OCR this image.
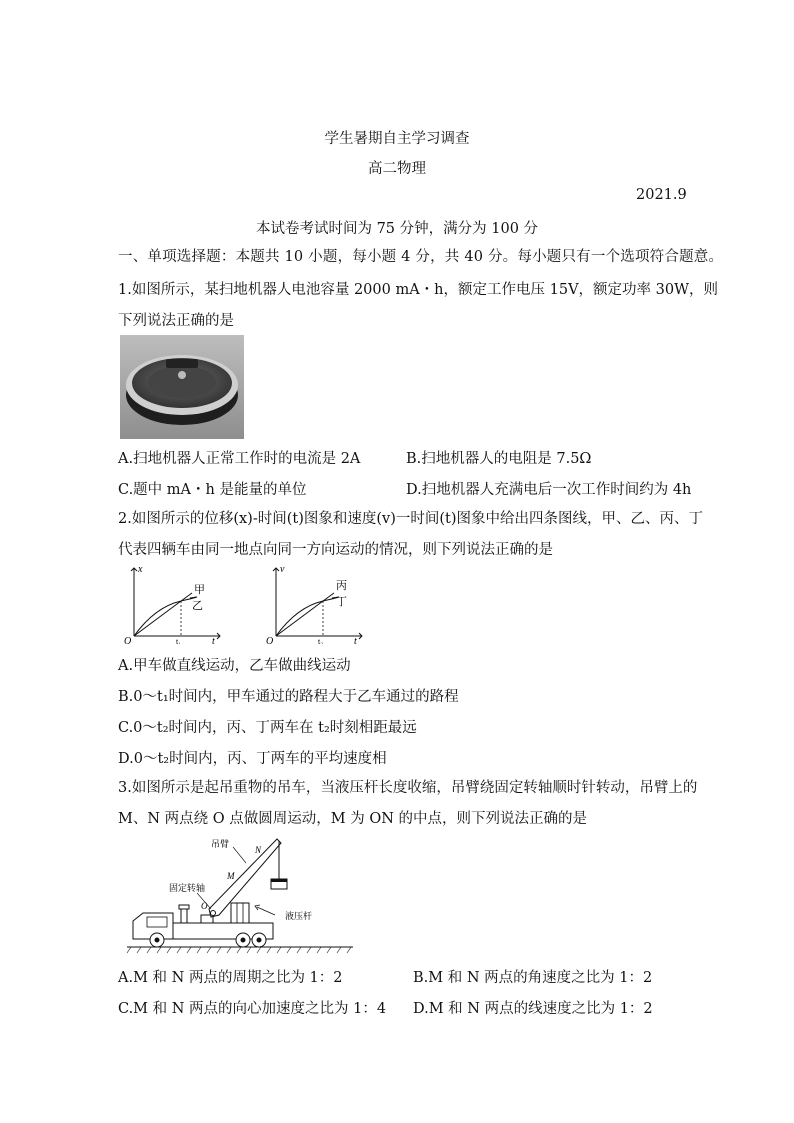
学生暑期自主学习调查
高二物理
2021.9
本试卷考试时间为 75 分钟，满分为 100 分
一、单项选择题：本题共 10 小题，每小题 4 分，共 40 分。每小题只有一个选项符合题意。
1.如图所示，某扫地机器人电池容量 2000 mA・h，额定工作电压 15V，额定功率 30W，则
下列说法正确的是
A.扫地机器人正常工作时的电流是 2A	B.扫地机器人的电阻是 7.5Ω
C.题中 mA・h 是能量的单位	D.扫地机器人充满电后一次工作时间约为 4h
2.如图所示的位移(x)-时间(t)图象和速度(v)一时间(t)图象中给出四条图线，甲、乙、丙、丁
代表四辆车由同一地点向同一方向运动的情况，则下列说法正确的是
x
t
O	t₁
甲
乙
v
t
O	t₂
丙
丁
A.甲车做直线运动，乙车做曲线运动
B.0～t₁时间内，甲车通过的路程大于乙车通过的路程
C.0～t₂时间内，丙、丁两车在 t₂时刻相距最远
D.0～t₂时间内，丙、丁两车的平均速度相
3.如图所示是起吊重物的吊车，当液压杆长度收缩，吊臂绕固定转轴顺时针转动，吊臂上的
M、N 两点绕 O 点做圆周运动，M 为 ON 的中点，则下列说法正确的是
吊臂
N
M
固定转轴
O
液压杆
A.M 和 N 两点的周期之比为 1：2	B.M 和 N 两点的角速度之比为 1：2
C.M 和 N 两点的向心加速度之比为 1：4 D.M 和 N 两点的线速度之比为 1：2
